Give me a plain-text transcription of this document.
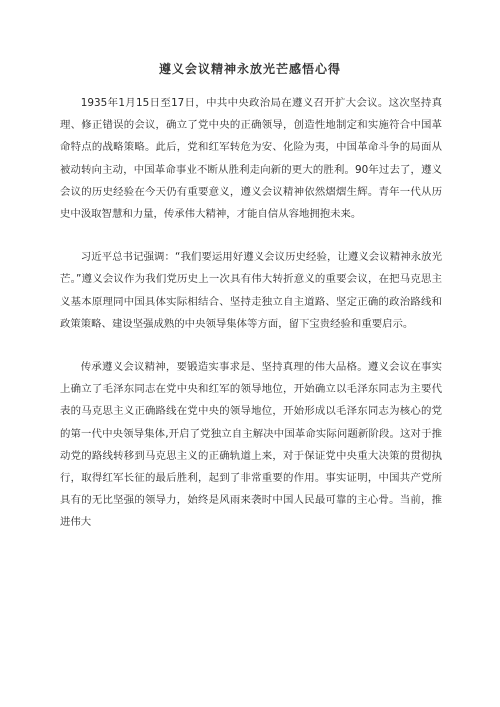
遵义会议精神永放光芒感悟心得

1935年1月15日至17日，中共中央政治局在遵义召开扩大会议。这次坚持真理、修正错误的会议，确立了党中央的正确领导，创造性地制定和实施符合中国革命特点的战略策略。此后，党和红军转危为安、化险为夷，中国革命斗争的局面从被动转向主动，中国革命事业不断从胜利走向新的更大的胜利。90年过去了，遵义会议的历史经验在今天仍有重要意义，遵义会议精神依然熠熠生辉。青年一代从历史中汲取智慧和力量，传承伟大精神，才能自信从容地拥抱未来。

习近平总书记强调：“我们要运用好遵义会议历史经验，让遵义会议精神永放光芒。”遵义会议作为我们党历史上一次具有伟大转折意义的重要会议，在把马克思主义基本原理同中国具体实际相结合、坚持走独立自主道路、坚定正确的政治路线和政策策略、建设坚强成熟的中央领导集体等方面，留下宝贵经验和重要启示。

传承遵义会议精神，要锻造实事求是、坚持真理的伟大品格。遵义会议在事实上确立了毛泽东同志在党中央和红军的领导地位，开始确立以毛泽东同志为主要代表的马克思主义正确路线在党中央的领导地位，开始形成以毛泽东同志为核心的党的第一代中央领导集体,开启了党独立自主解决中国革命实际问题新阶段。这对于推动党的路线转移到马克思主义的正确轨道上来，对于保证党中央重大决策的贯彻执行，取得红军长征的最后胜利，起到了非常重要的作用。事实证明，中国共产党所具有的无比坚强的领导力，始终是风雨来袭时中国人民最可靠的主心骨。当前，推进伟大
